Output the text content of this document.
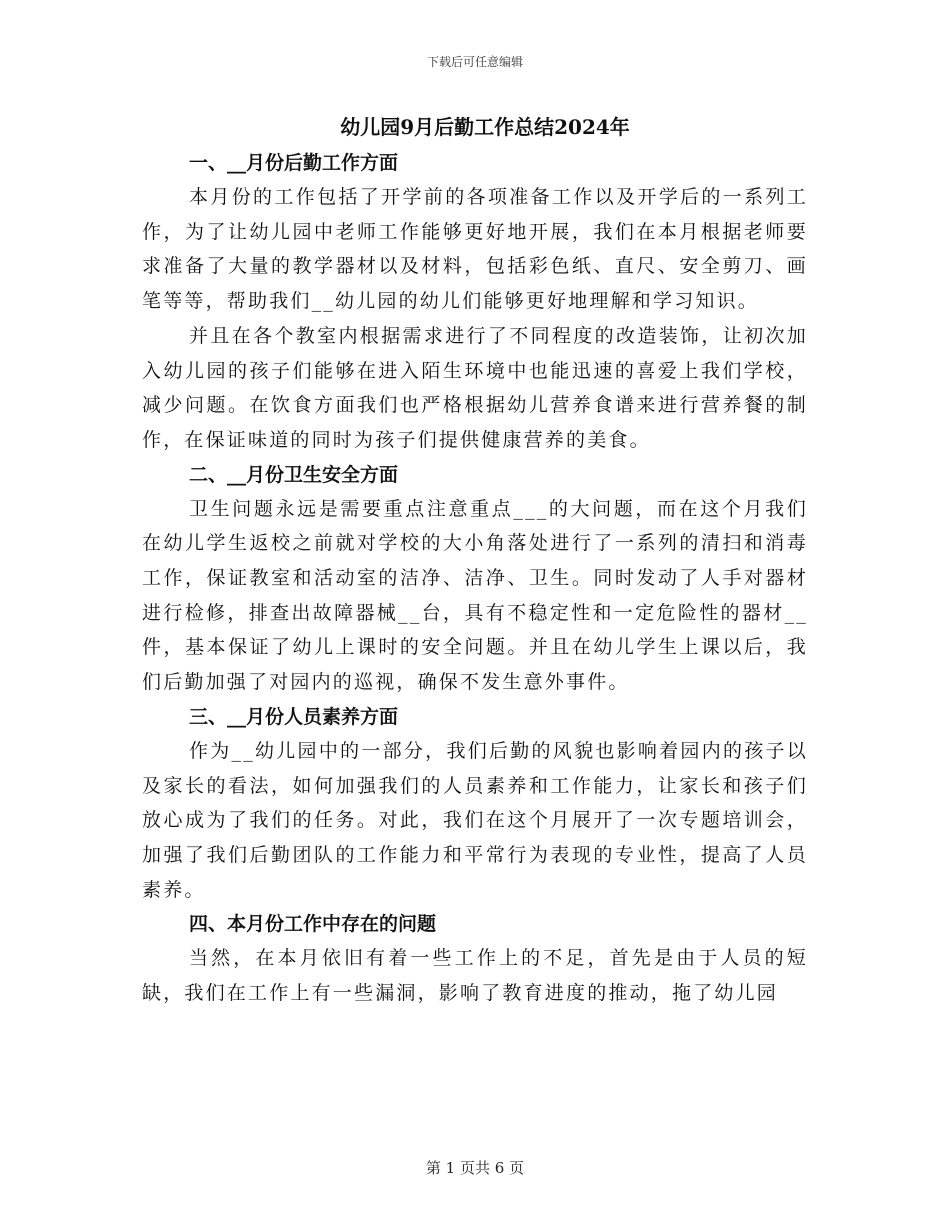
下载后可任意编辑
幼儿园9月后勤工作总结2024年
一、__月份后勤工作方面

本月份的工作包括了开学前的各项准备工作以及开学后的一系列工作，为了让幼儿园中老师工作能够更好地开展，我们在本月根据老师要求准备了大量的教学器材以及材料，包括彩色纸、直尺、安全剪刀、画笔等等，帮助我们__幼儿园的幼儿们能够更好地理解和学习知识。

并且在各个教室内根据需求进行了不同程度的改造装饰，让初次加入幼儿园的孩子们能够在进入陌生环境中也能迅速的喜爱上我们学校，减少问题。在饮食方面我们也严格根据幼儿营养食谱来进行营养餐的制作，在保证味道的同时为孩子们提供健康营养的美食。

二、__月份卫生安全方面

卫生问题永远是需要重点注意重点___的大问题，而在这个月我们在幼儿学生返校之前就对学校的大小角落处进行了一系列的清扫和消毒工作，保证教室和活动室的洁净、洁净、卫生。同时发动了人手对器材进行检修，排查出故障器械__台，具有不稳定性和一定危险性的器材__件，基本保证了幼儿上课时的安全问题。并且在幼儿学生上课以后，我们后勤加强了对园内的巡视，确保不发生意外事件。

三、__月份人员素养方面

作为__幼儿园中的一部分，我们后勤的风貌也影响着园内的孩子以及家长的看法，如何加强我们的人员素养和工作能力，让家长和孩子们放心成为了我们的任务。对此，我们在这个月展开了一次专题培训会，加强了我们后勤团队的工作能力和平常行为表现的专业性，提高了人员素养。

四、本月份工作中存在的问题

当然，在本月依旧有着一些工作上的不足，首先是由于人员的短缺，我们在工作上有一些漏洞，影响了教育进度的推动，拖了幼儿园

第 1 页共 6 页
